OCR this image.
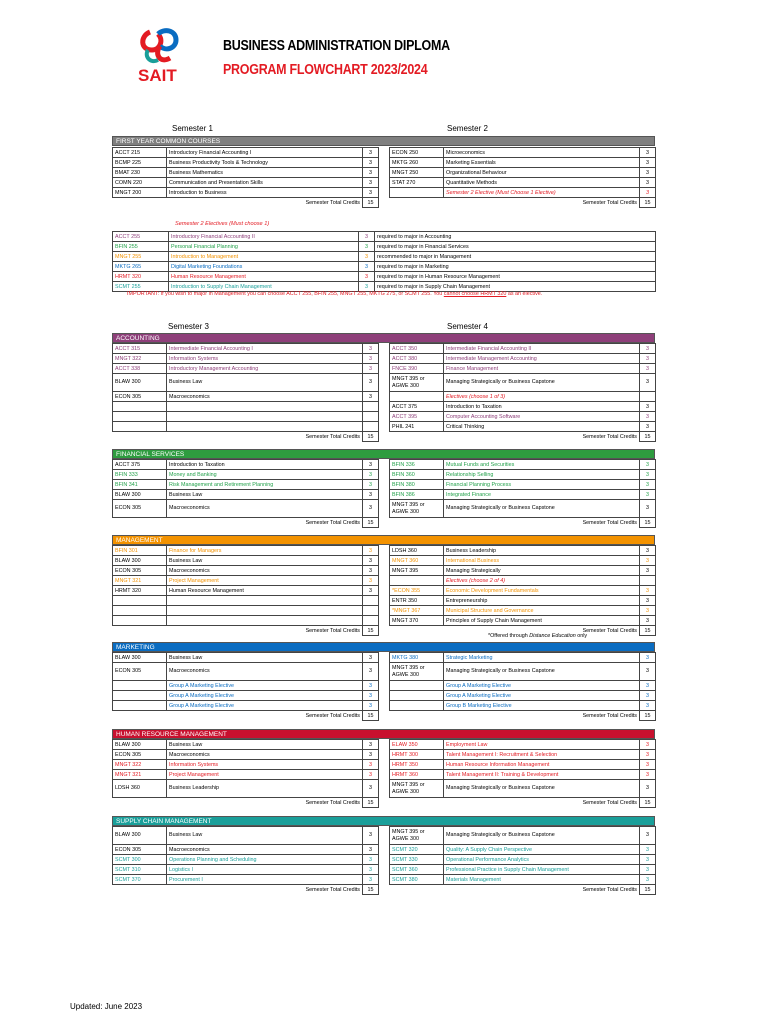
SAIT
BUSINESS ADMINISTRATION DIPLOMA
PROGRAM FLOWCHART 2023/2024
Semester 1	Semester 2
FIRST YEAR COMMON COURSES
ACCT 215	Introductory Financial Accounting I	3
BCMP 225	Business Productivity Tools & Technology	3
BMAT 230	Business Mathematics	3
COMN 220	Communication and Presentation Skills	3
MNGT 200	Introduction to Business	3
Semester Total Credits		15
ECON 250	Microeconomics	3
MKTG 260	Marketing Essentials	3
MNGT 250	Organizational Behaviour	3
STAT 270	Quantitative Methods	3
	Semester 2 Elective (Must Choose 1 Elective)	3
Semester Total Credits		15
Semester 2 Electives (Must choose 1)
ACCT 255	Introductory Financial Accounting II	3	required to major in Accounting
BFIN 255	Personal Financial Planning	3	required to major in Financial Services
MNGT 255	Introduction to Management	3	recommended to major in Management
MKTG 265	Digital Marketing Foundations	3	required to major in Marketing
HRMT 320	Human Resource Management	3	required to major in Human Resource Management
SCMT 255	Introduction to Supply Chain Management	3	required to major in Supply Chain Management
IMPORTANT: If you wish to major in Management you can choose ACCT 255, BFIN 255, MNGT 255, MKTG 275, or SCMT 255. You cannot choose HRMT 320 as an elective.
Semester 3	Semester 4
ACCOUNTING
ACCT 315	Intermediate Financial Accounting I	3
MNGT 322	Information Systems	3
ACCT 338	Introductory Management Accounting	3
BLAW 300	Business Law	3
ECON 305	Macroeconomics	3

Semester Total Credits		15
ACCT 350	Intermediate Financial Accounting II	3
ACCT 380	Intermediate Management Accounting	3
FNCE 390	Finance Management	3
MNGT 395 or AGWE 300	Managing Strategically or Business Capstone	3
	Electives (choose 1 of 3)	
ACCT 375	Introduction to Taxation	3
ACCT 395	Computer Accounting Software	3
PHIL 241	Critical Thinking	3
Semester Total Credits		15
FINANCIAL SERVICES
ACCT 375	Introduction to Taxation	3
BFIN 333	Money and Banking	3
BFIN 341	Risk Management and Retirement Planning	3
BLAW 300	Business Law	3
ECON 305	Macroeconomics	3
Semester Total Credits		15
BFIN 336	Mutual Funds and Securities	3
BFIN 360	Relationship Selling	3
BFIN 380	Financial Planning Process	3
BFIN 386	Integrated Finance	3
MNGT 395 or AGWE 300	Managing Strategically or Business Capstone	3
Semester Total Credits		15
MANAGEMENT
BFIN 301	Finance for Managers	3
BLAW 300	Business Law	3
ECON 305	Macroeconomics	3
MNGT 321	Project Management	3
HRMT 320	Human Resource Management	3

Semester Total Credits		15
LDSH 360	Business Leadership	3
MNGT 360	International Business	3
MNGT 395	Managing Strategically	3
	Electives (choose 2 of 4)	
*ECON 355	Economic Development Fundamentals	3
ENTR 350	Entrepreneurship	3
*MNGT 367	Municipal Structure and Governance	3
MNGT 370	Principles of Supply Chain Management	3
Semester Total Credits		15
*Offered through Distance Education only
MARKETING
BLAW 300	Business Law	3
ECON 305	Macroeconomics	3
	Group A Marketing Elective	3
	Group A Marketing Elective	3
	Group A Marketing Elective	3
Semester Total Credits		15
MKTG 380	Strategic Marketing	3
MNGT 395 or AGWE 300	Managing Strategically or Business Capstone	3
	Group A Marketing Elective	3
	Group A Marketing Elective	3
	Group B Marketing Elective	3
Semester Total Credits		15
HUMAN RESOURCE MANAGEMENT
BLAW 300	Business Law	3
ECON 305	Macroeconomics	3
MNGT 322	Information Systems	3
MNGT 321	Project Management	3
LDSH 360	Business Leadership	3
Semester Total Credits		15
ELAW 350	Employment Law	3
HRMT 300	Talent Management I: Recruitment & Selection	3
HRMT 350	Human Resource Information Management	3
HRMT 360	Talent Management II: Training & Development	3
MNGT 395 or AGWE 300	Managing Strategically or Business Capstone	3
Semester Total Credits		15
SUPPLY CHAIN MANAGEMENT
BLAW 300	Business Law	3
ECON 305	Macroeconomics	3
SCMT 300	Operations Planning and Scheduling	3
SCMT 310	Logistics I	3
SCMT 370	Procurement I	3
Semester Total Credits		15
MNGT 395 or AGWE 300	Managing Strategically or Business Capstone	3
SCMT 320	Quality: A Supply Chain Perspective	3
SCMT 330	Operational Performance Analytics	3
SCMT 360	Professional Practice in Supply Chain Management	3
SCMT 380	Materials Management	3
Semester Total Credits		15
Updated: June 2023
